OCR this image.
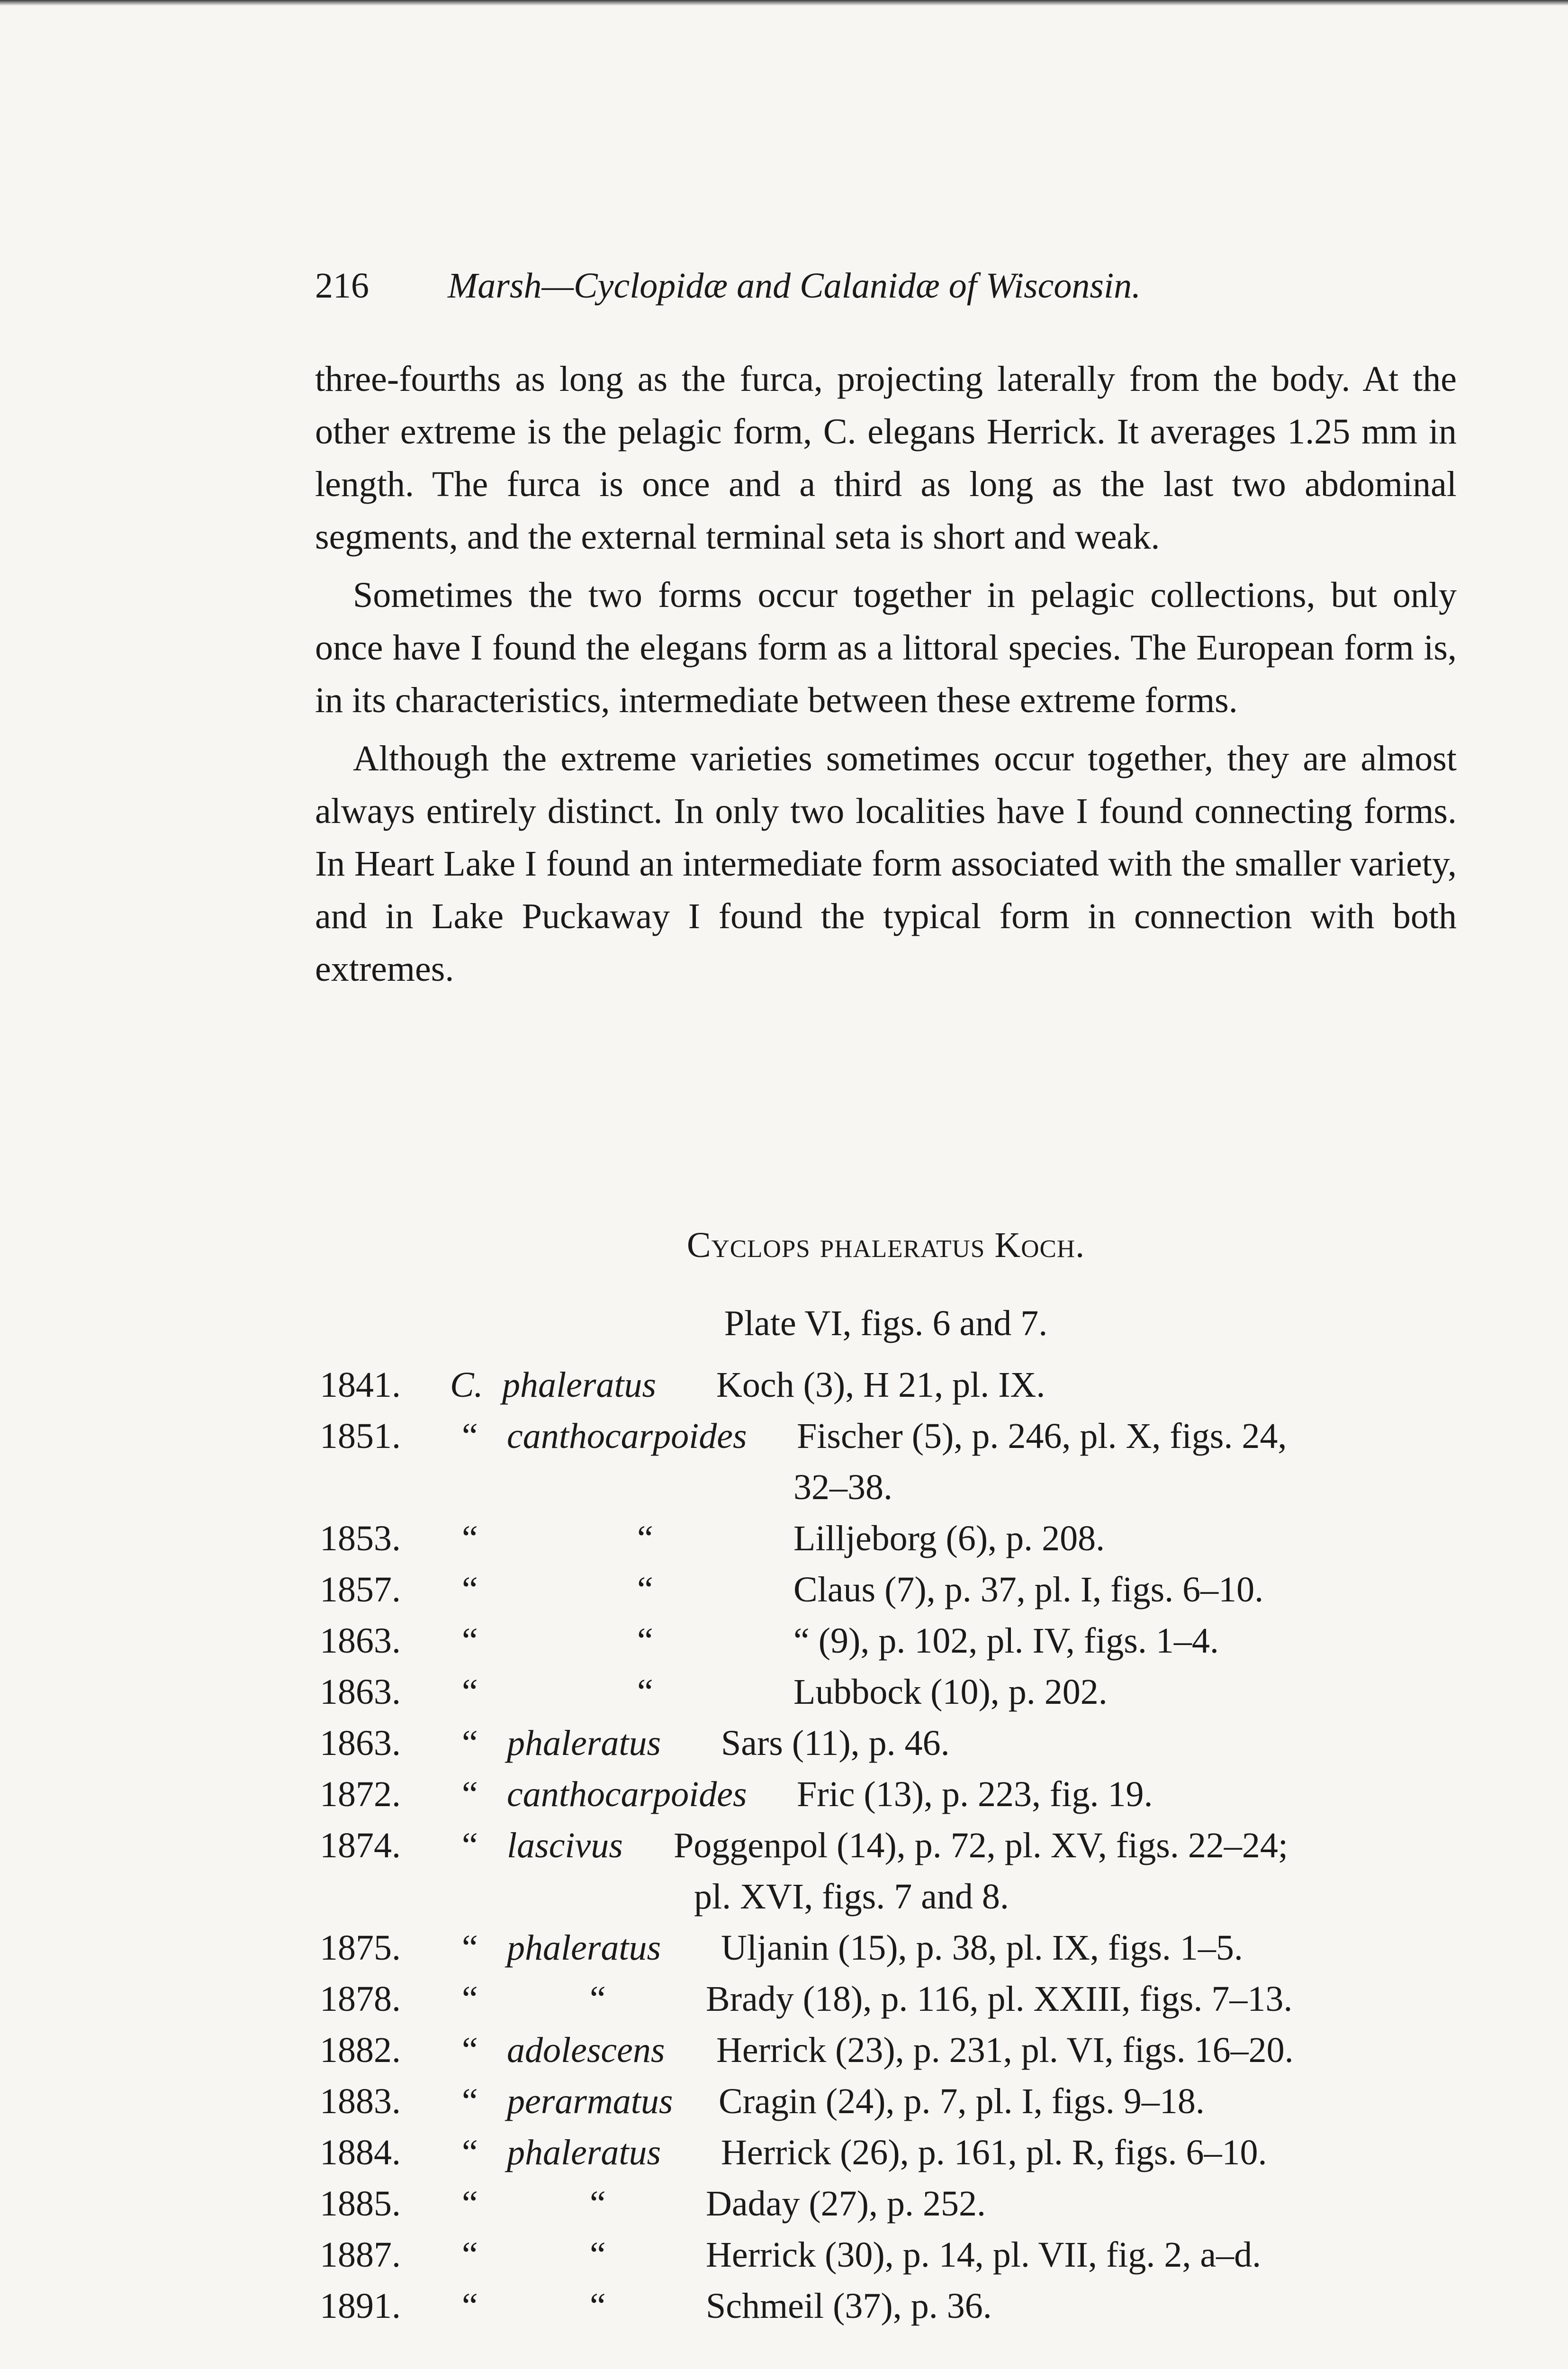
216 Marsh—Cyclopidæ and Calanidæ of Wisconsin.

three-fourths as long as the furca, projecting laterally from the body. At the other extreme is the pelagic form, C. elegans Herrick. It averages 1.25 mm in length. The furca is once and a third as long as the last two abdominal segments, and the external terminal seta is short and weak.

Sometimes the two forms occur together in pelagic collections, but only once have I found the elegans form as a littoral species. The European form is, in its characteristics, intermediate between these extreme forms.

Although the extreme varieties sometimes occur together, they are almost always entirely distinct. In only two localities have I found connecting forms. In Heart Lake I found an intermediate form associated with the smaller variety, and in Lake Puckaway I found the typical form in connection with both extremes.

Cyclops phaleratus Koch.
Plate VI, figs. 6 and 7.
1841. C. phaleratus Koch (3), H 21, pl. IX.
1851. “ canthocarpoides Fischer (5), p. 246, pl. X, figs. 24,
32–38.
1853. “	“	Lilljeborg (6), p. 208.
1857. “	“	Claus (7), p. 37, pl. I, figs. 6–10.
1863. “	“	“ (9), p. 102, pl. IV, figs. 1–4.
1863. “	“	Lubbock (10), p. 202.
1863. “ phaleratus Sars (11), p. 46.
1872. “ canthocarpoides Fric (13), p. 223, fig. 19.
1874. “ lascivus Poggenpol (14), p. 72, pl. XV, figs. 22–24;
pl. XVI, figs. 7 and 8.
1875. “ phaleratus Uljanin (15), p. 38, pl. IX, figs. 1–5.
1878. “	“	Brady (18), p. 116, pl. XXIII, figs. 7–13.
1882. “ adolescens Herrick (23), p. 231, pl. VI, figs. 16–20.
1883. “ perarmatus Cragin (24), p. 7, pl. I, figs. 9–18.
1884. “ phaleratus Herrick (26), p. 161, pl. R, figs. 6–10.
1885. “	“	Daday (27), p. 252.
1887. “	“	Herrick (30), p. 14, pl. VII, fig. 2, a–d.
1891. “	“	Schmeil (37), p. 36.
